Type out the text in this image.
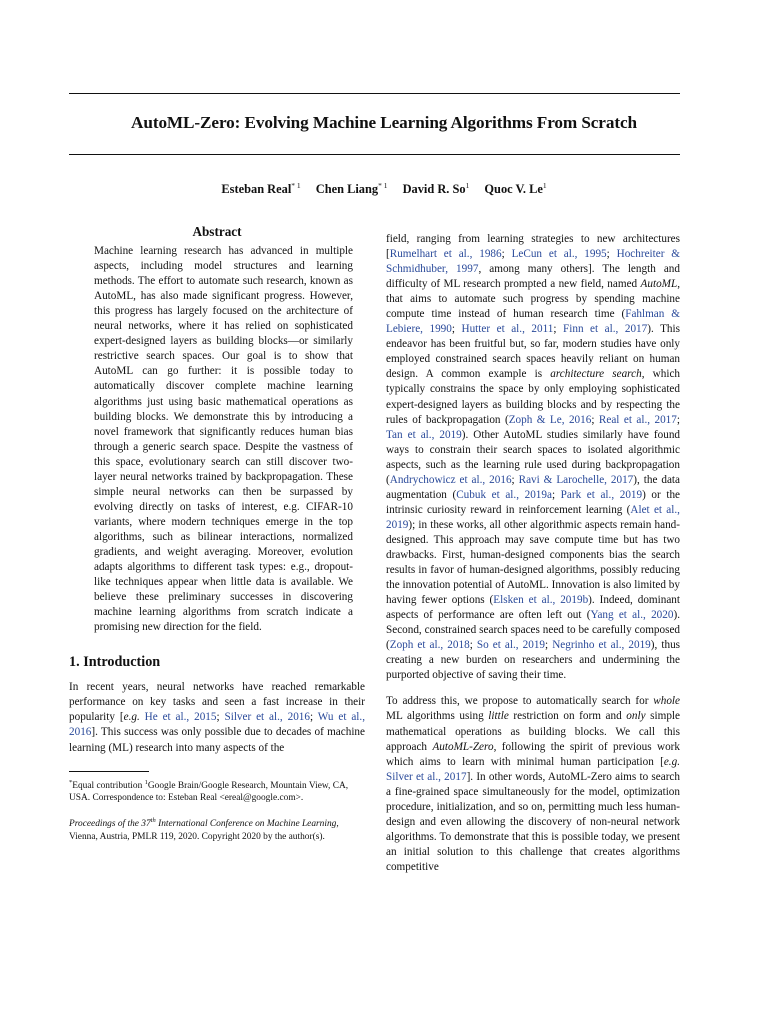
AutoML-Zero: Evolving Machine Learning Algorithms From Scratch
Esteban Real$^{* 1}$ Chen Liang$^{* 1}$ David R. So$^1$ Quoc V. Le$^1$
Abstract

Machine learning research has advanced in multiple aspects, including model structures and learning methods. The effort to automate such research, known as AutoML, has also made significant progress. However, this progress has largely focused on the architecture of neural networks, where it has relied on sophisticated expert-designed layers as building blocks—or similarly restrictive search spaces. Our goal is to show that AutoML can go further: it is possible today to automatically discover complete machine learning algorithms just using basic mathematical operations as building blocks. We demonstrate this by introducing a novel framework that significantly reduces human bias through a generic search space. Despite the vastness of this space, evolutionary search can still discover two-layer neural networks trained by backpropagation. These simple neural networks can then be surpassed by evolving directly on tasks of interest, e.g. CIFAR-10 variants, where modern techniques emerge in the top algorithms, such as bilinear interactions, normalized gradients, and weight averaging. Moreover, evolution adapts algorithms to different task types: e.g., dropout-like techniques appear when little data is available. We believe these preliminary successes in discovering machine learning algorithms from scratch indicate a promising new direction for the field.

1. Introduction

In recent years, neural networks have reached remarkable performance on key tasks and seen a fast increase in their popularity [e.g. He et al., 2015; Silver et al., 2016; Wu et al., 2016]. This success was only possible due to decades of machine learning (ML) research into many aspects of the

*Equal contribution $^1$Google Brain/Google Research, Mountain View, CA, USA. Correspondence to: Esteban Real <ereal@google.com>.
Proceedings of the 37th International Conference on Machine Learning, Vienna, Austria, PMLR 119, 2020. Copyright 2020 by the author(s).

field, ranging from learning strategies to new architectures [Rumelhart et al., 1986; LeCun et al., 1995; Hochreiter & Schmidhuber, 1997, among many others]. The length and difficulty of ML research prompted a new field, named AutoML, that aims to automate such progress by spending machine compute time instead of human research time (Fahlman & Lebiere, 1990; Hutter et al., 2011; Finn et al., 2017). This endeavor has been fruitful but, so far, modern studies have only employed constrained search spaces heavily reliant on human design. A common example is architecture search, which typically constrains the space by only employing sophisticated expert-designed layers as building blocks and by respecting the rules of backpropagation (Zoph & Le, 2016; Real et al., 2017; Tan et al., 2019). Other AutoML studies similarly have found ways to constrain their search spaces to isolated algorithmic aspects, such as the learning rule used during backpropagation (Andrychowicz et al., 2016; Ravi & Larochelle, 2017), the data augmentation (Cubuk et al., 2019a; Park et al., 2019) or the intrinsic curiosity reward in reinforcement learning (Alet et al., 2019); in these works, all other algorithmic aspects remain hand-designed. This approach may save compute time but has two drawbacks. First, human-designed components bias the search results in favor of human-designed algorithms, possibly reducing the innovation potential of AutoML. Innovation is also limited by having fewer options (Elsken et al., 2019b). Indeed, dominant aspects of performance are often left out (Yang et al., 2020). Second, constrained search spaces need to be carefully composed (Zoph et al., 2018; So et al., 2019; Negrinho et al., 2019), thus creating a new burden on researchers and undermining the purported objective of saving their time.

To address this, we propose to automatically search for whole ML algorithms using little restriction on form and only simple mathematical operations as building blocks. We call this approach AutoML-Zero, following the spirit of previous work which aims to learn with minimal human participation [e.g. Silver et al., 2017]. In other words, AutoML-Zero aims to search a fine-grained space simultaneously for the model, optimization procedure, initialization, and so on, permitting much less human-design and even allowing the discovery of non-neural network algorithms. To demonstrate that this is possible today, we present an initial solution to this challenge that creates algorithms competitive
